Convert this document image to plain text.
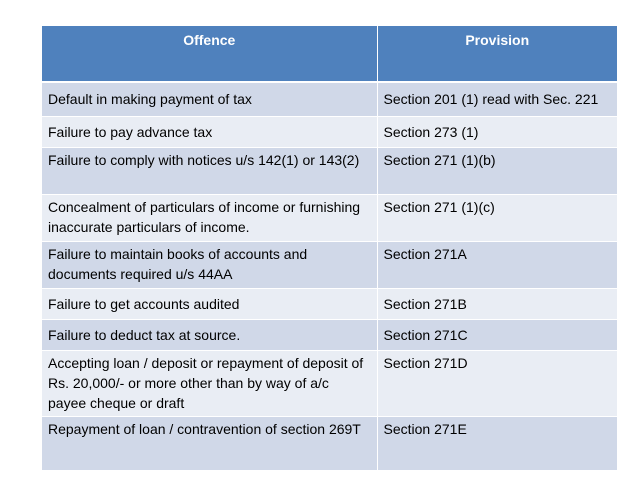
Offence	Provision
Default in making payment of tax	Section 201 (1) read with Sec. 221
Failure to pay advance tax	Section 273 (1)
Failure to comply with notices u/s 142(1) or 143(2)	Section 271 (1)(b)
Concealment of particulars of income or furnishing inaccurate particulars of income.	Section 271 (1)(c)
Failure to maintain books of accounts and documents required u/s 44AA	Section 271A
Failure to get accounts audited	Section 271B
Failure to deduct tax at source.	Section 271C
Accepting loan / deposit or repayment of deposit of Rs. 20,000/- or more other than by way of a/c payee cheque or draft	Section 271D
Repayment of loan / contravention of section 269T	Section 271E
